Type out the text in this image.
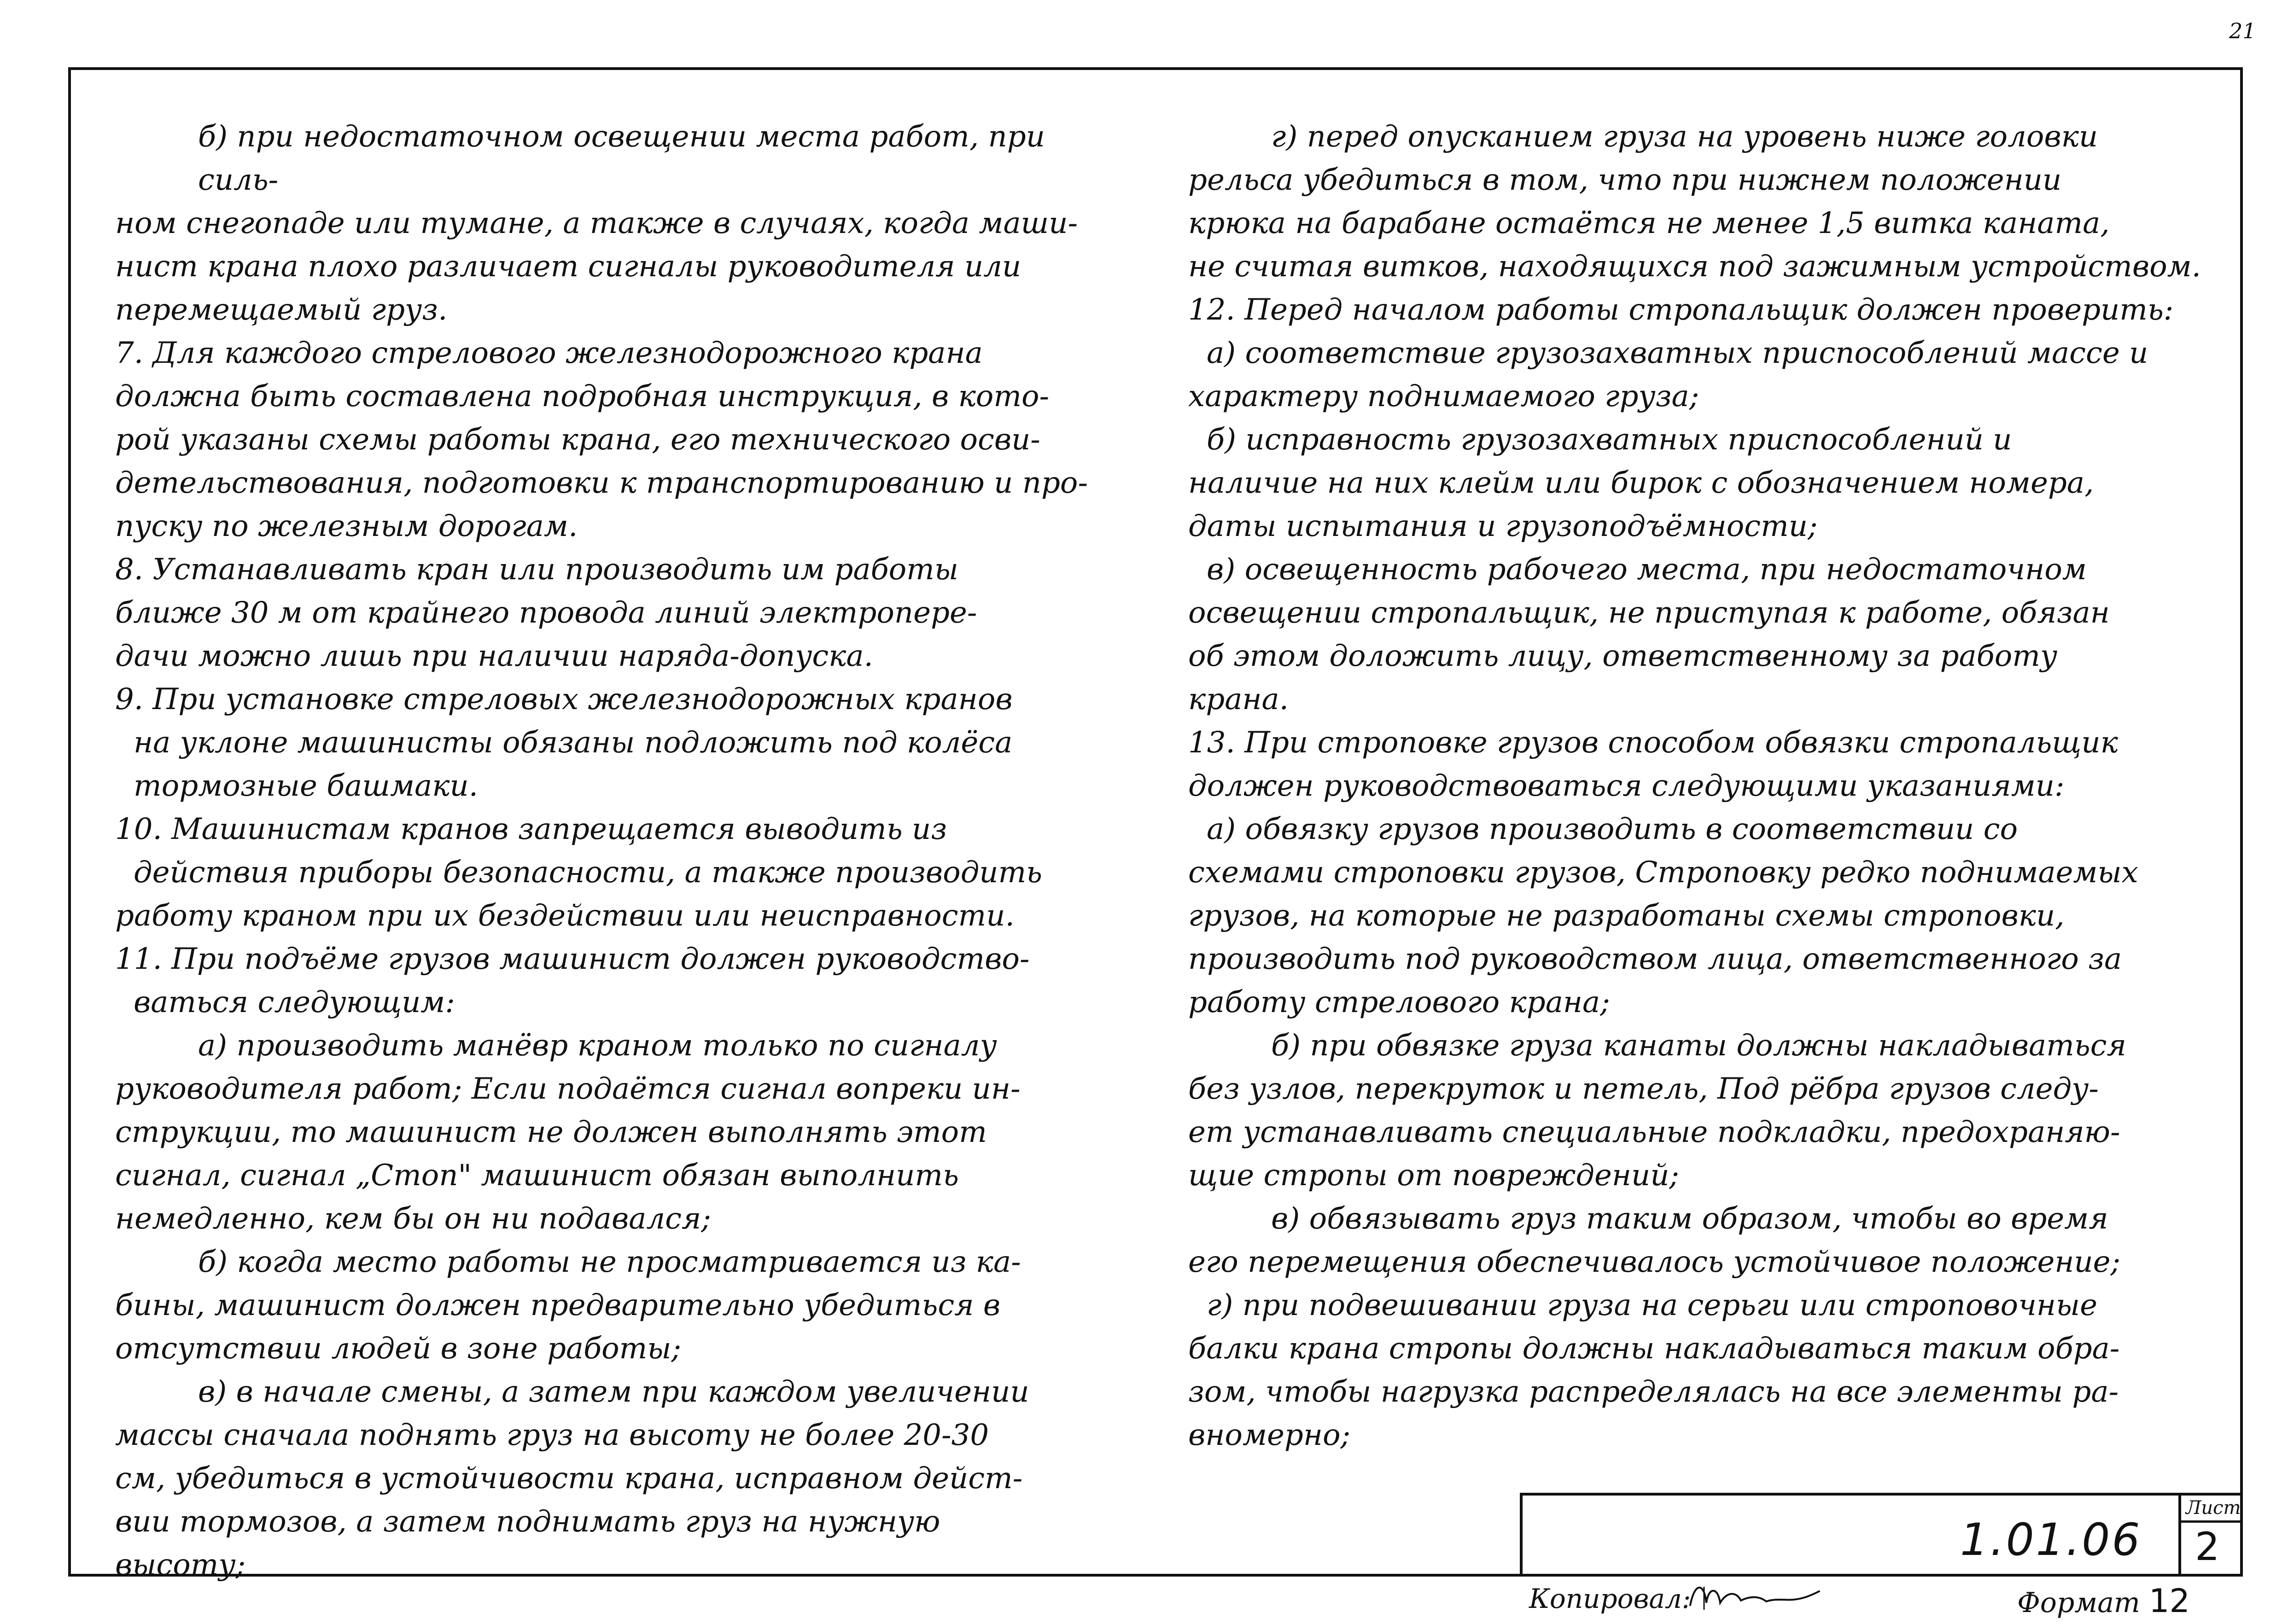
21

б) при недостаточном освещении места работ, при силь-

ном снегопаде или тумане, а также в случаях, когда маши-

нист крана плохо различает сигналы руководителя или

перемещаемый груз.

7. Для каждого стрелового железнодорожного крана

должна быть составлена подробная инструкция, в кото-

рой указаны схемы работы крана, его технического осви-

детельствования, подготовки к транспортированию и про-

пуску по железным дорогам.

8. Устанавливать кран или производить им работы

ближе 30 м от крайнего провода линий электропере-

дачи можно лишь при наличии наряда-допуска.

9. При установке стреловых железнодорожных кранов

на уклоне машинисты обязаны подложить под колёса

тормозные башмаки.

10. Машинистам кранов запрещается выводить из

действия приборы безопасности, а также производить

работу краном при их бездействии или неисправности.

11. При подъёме грузов машинист должен руководство-

ваться следующим:

а) производить манёвр краном только по сигналу

руководителя работ; Если подаётся сигнал вопреки ин-

струкции, то машинист не должен выполнять этот

сигнал, сигнал „Стоп" машинист обязан выполнить

немедленно, кем бы он ни подавался;

б) когда место работы не просматривается из ка-

бины, машинист должен предварительно убедиться в

отсутствии людей в зоне работы;

в) в начале смены, а затем при каждом увеличении

массы сначала поднять груз на высоту не более 20-30

см, убедиться в устойчивости крана, исправном дейст-

вии тормозов, а затем поднимать груз на нужную

высоту;

г) перед опусканием груза на уровень ниже головки

рельса убедиться в том, что при нижнем положении

крюка на барабане остаётся не менее 1,5 витка каната,

не считая витков, находящихся под зажимным устройством.

12. Перед началом работы стропальщик должен проверить:

а) соответствие грузозахватных приспособлений массе и

характеру поднимаемого груза;

б) исправность грузозахватных приспособлений и

наличие на них клейм или бирок с обозначением номера,

даты испытания и грузоподъёмности;

в) освещенность рабочего места, при недостаточном

освещении стропальщик, не приступая к работе, обязан

об этом доложить лицу, ответственному за работу

крана.

13. При строповке грузов способом обвязки стропальщик

должен руководствоваться следующими указаниями:

а) обвязку грузов производить в соответствии со

схемами строповки грузов, Строповку редко поднимаемых

грузов, на которые не разработаны схемы строповки,

производить под руководством лица, ответственного за

работу стрелового крана;

б) при обвязке груза канаты должны накладываться

без узлов, перекруток и петель, Под рёбра грузов следу-

ет устанавливать специальные подкладки, предохраняю-

щие стропы от повреждений;

в) обвязывать груз таким образом, чтобы во время

его перемещения обеспечивалось устойчивое положение;

г) при подвешивании груза на серьги или строповочные

балки крана стропы должны накладываться таким обра-

зом, чтобы нагрузка распределялась на все элементы ра-

вномерно;

1.01.06
Лист
2
Копировал:	Формат 12
